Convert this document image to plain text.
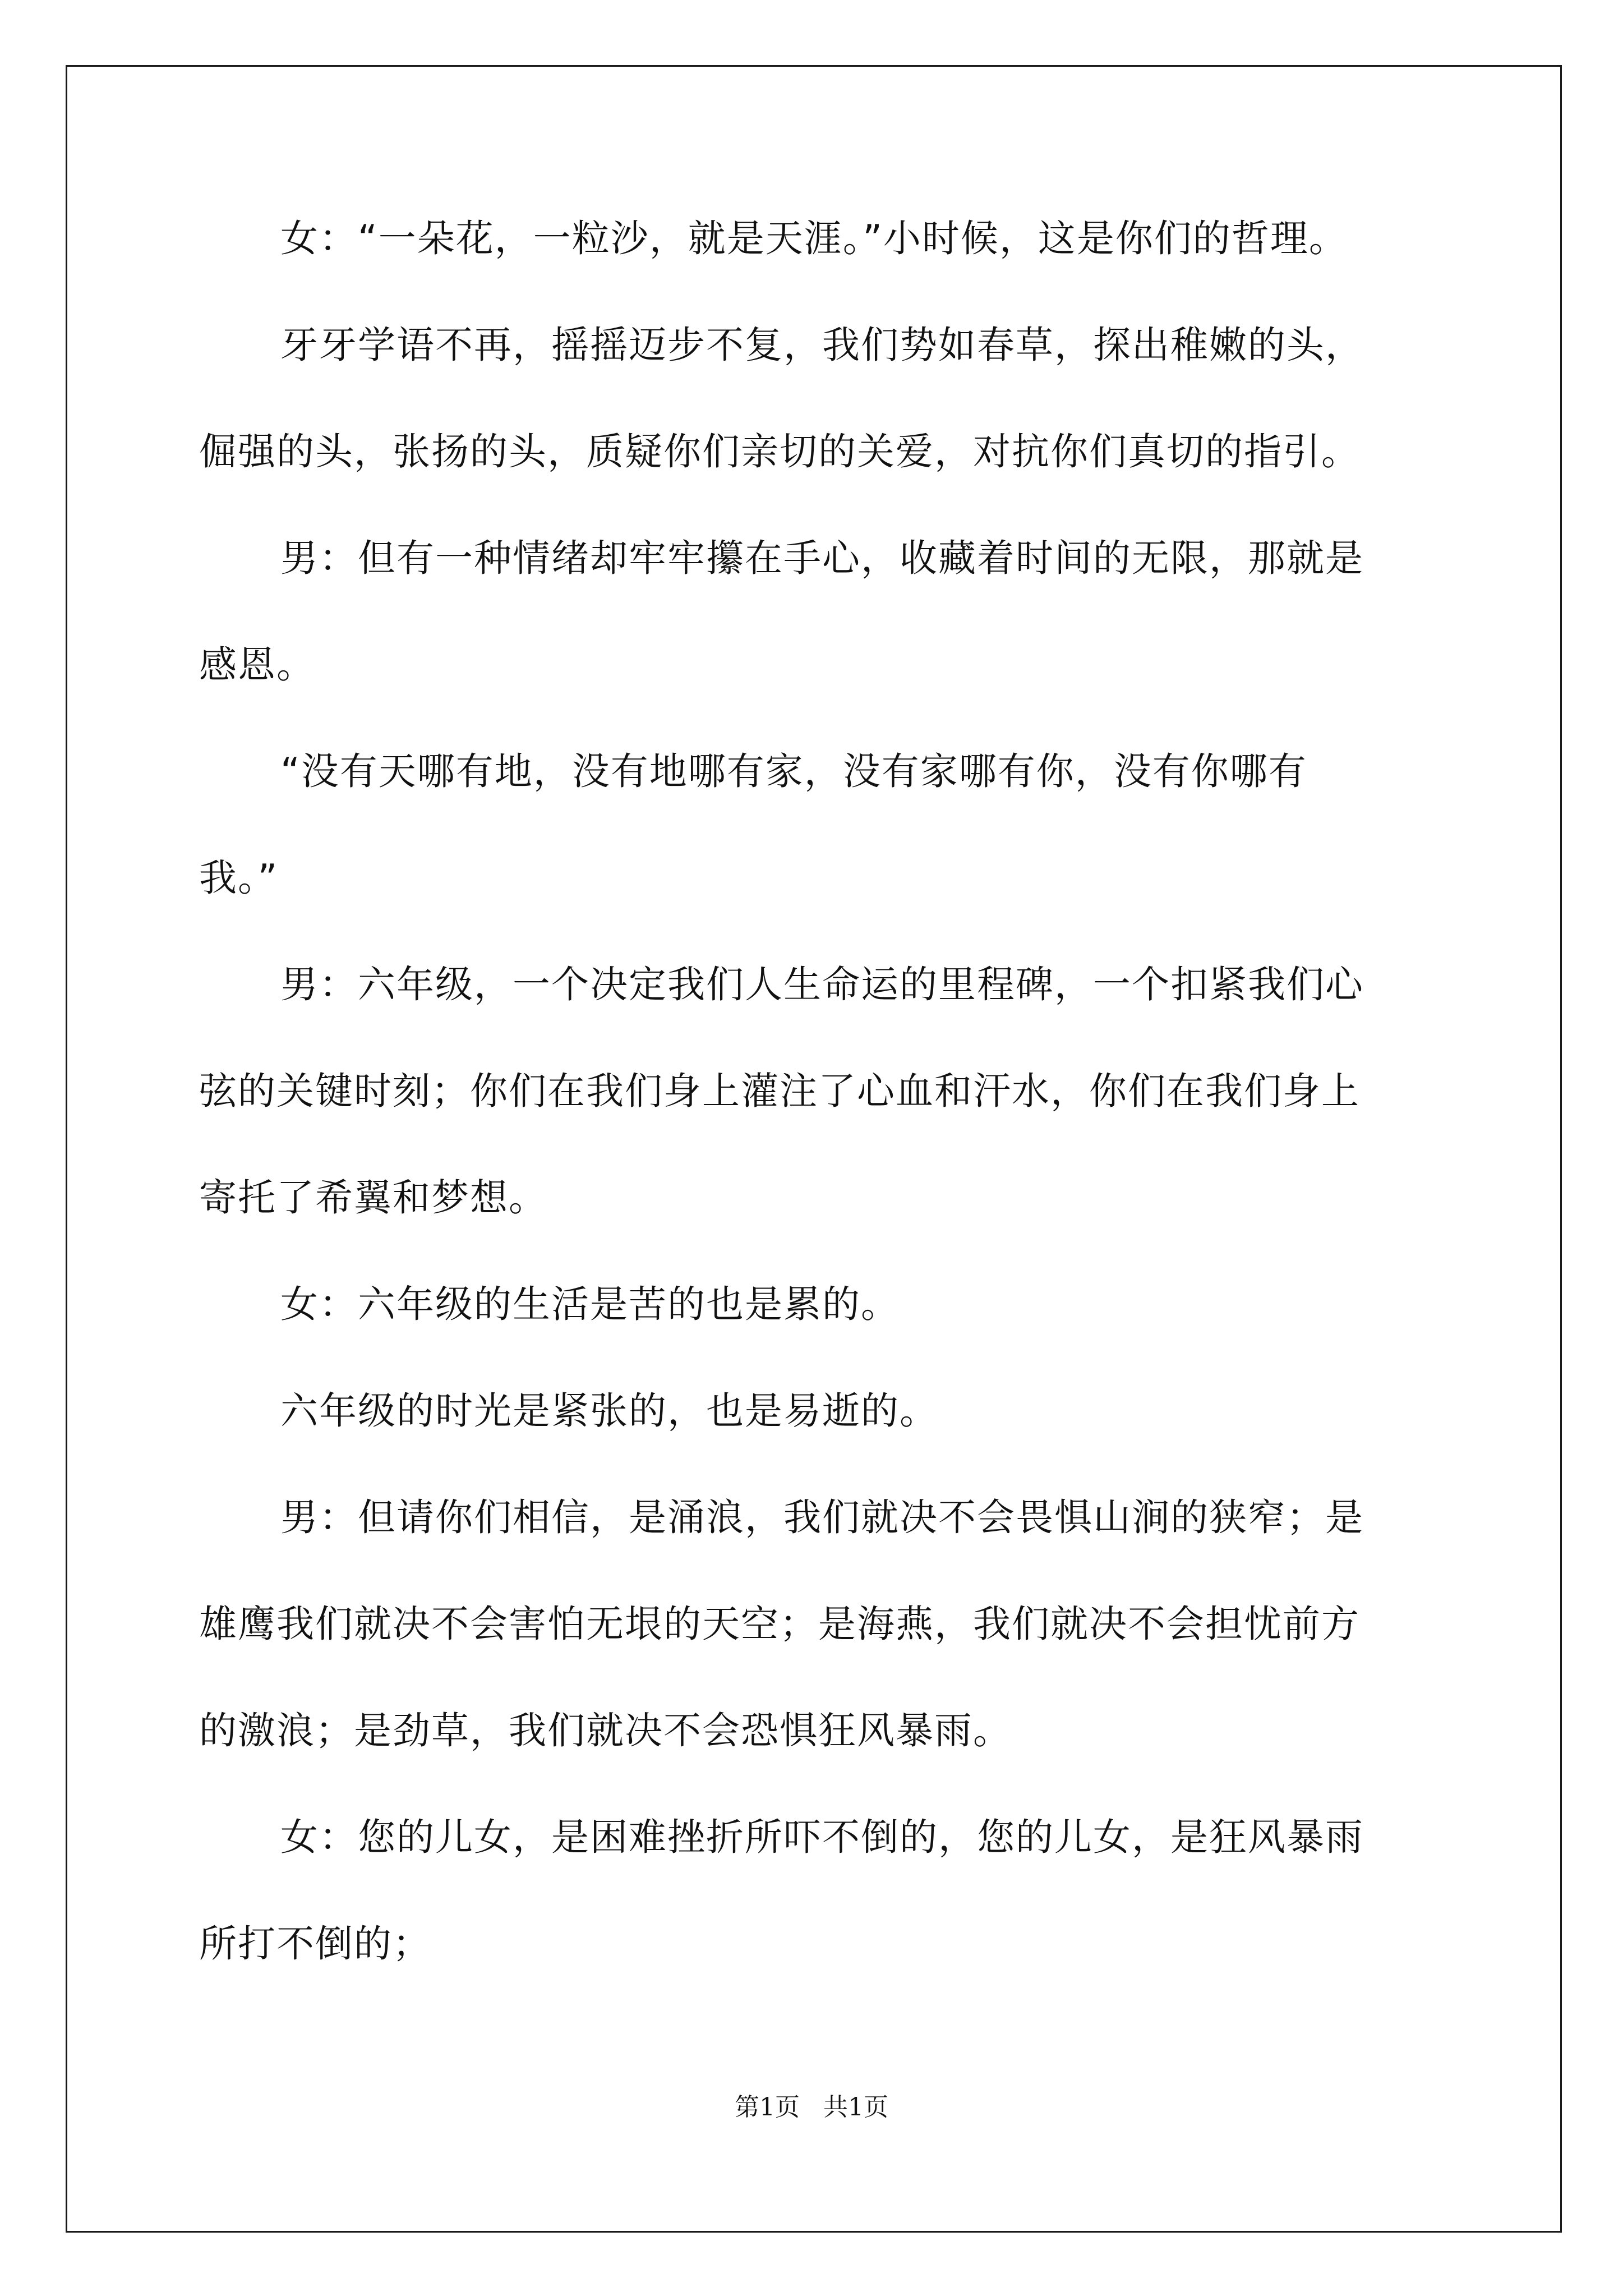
女：“一朵花，一粒沙，就是天涯。”小时候，这是你们的哲理。
牙牙学语不再，摇摇迈步不复，我们势如春草，探出稚嫩的头，
倔强的头，张扬的头，质疑你们亲切的关爱，对抗你们真切的指引。
男：但有一种情绪却牢牢攥在手心，收藏着时间的无限，那就是
感恩。
“没有天哪有地，没有地哪有家，没有家哪有你，没有你哪有
我。”
男：六年级，一个决定我们人生命运的里程碑，一个扣紧我们心
弦的关键时刻；你们在我们身上灌注了心血和汗水，你们在我们身上
寄托了希翼和梦想。
女：六年级的生活是苦的也是累的。
六年级的时光是紧张的，也是易逝的。
男：但请你们相信，是涌浪，我们就决不会畏惧山涧的狭窄；是
雄鹰我们就决不会害怕无垠的天空；是海燕，我们就决不会担忧前方
的激浪；是劲草，我们就决不会恐惧狂风暴雨。
女：您的儿女，是困难挫折所吓不倒的，您的儿女，是狂风暴雨
所打不倒的；
第1页 共1页
